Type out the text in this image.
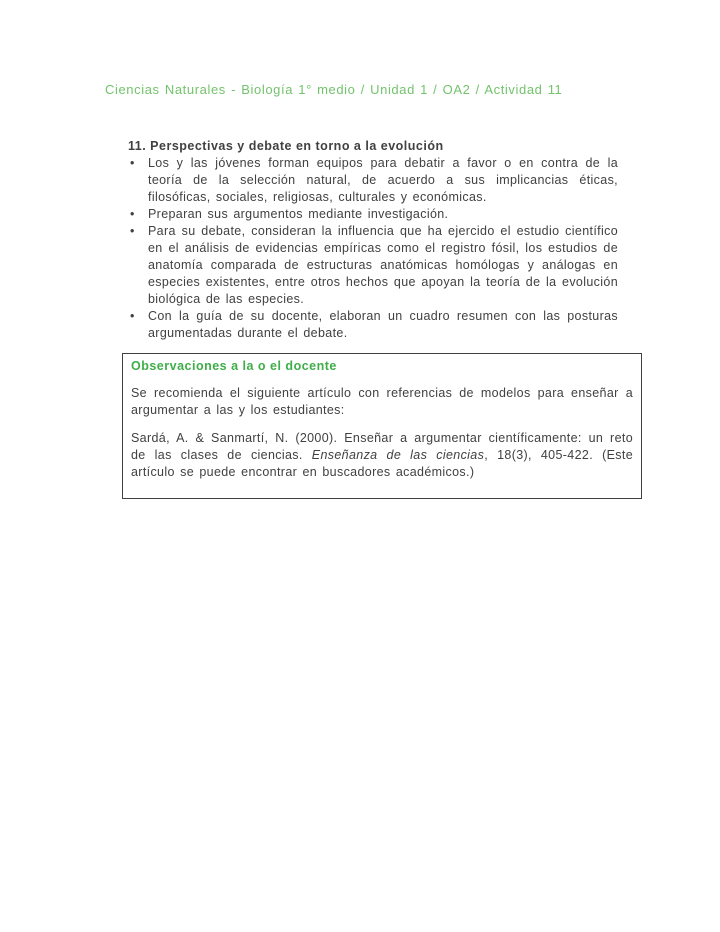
Ciencias Naturales - Biología 1° medio / Unidad 1 / OA2 / Actividad 11
11. Perspectivas y debate en torno a la evolución
• Los y las jóvenes forman equipos para debatir a favor o en contra de la teoría de la selección natural, de acuerdo a sus implicancias éticas, filosóficas, sociales, religiosas, culturales y económicas.
• Preparan sus argumentos mediante investigación.
• Para su debate, consideran la influencia que ha ejercido el estudio científico en el análisis de evidencias empíricas como el registro fósil, los estudios de anatomía comparada de estructuras anatómicas homólogas y análogas en especies existentes, entre otros hechos que apoyan la teoría de la evolución biológica de las especies.
• Con la guía de su docente, elaboran un cuadro resumen con las posturas argumentadas durante el debate.
Observaciones a la o el docente

Se recomienda el siguiente artículo con referencias de modelos para enseñar a argumentar a las y los estudiantes:

Sardá, A. & Sanmartí, N. (2000). Enseñar a argumentar científicamente: un reto de las clases de ciencias. Enseñanza de las ciencias, 18(3), 405-422. (Este artículo se puede encontrar en buscadores académicos.)
